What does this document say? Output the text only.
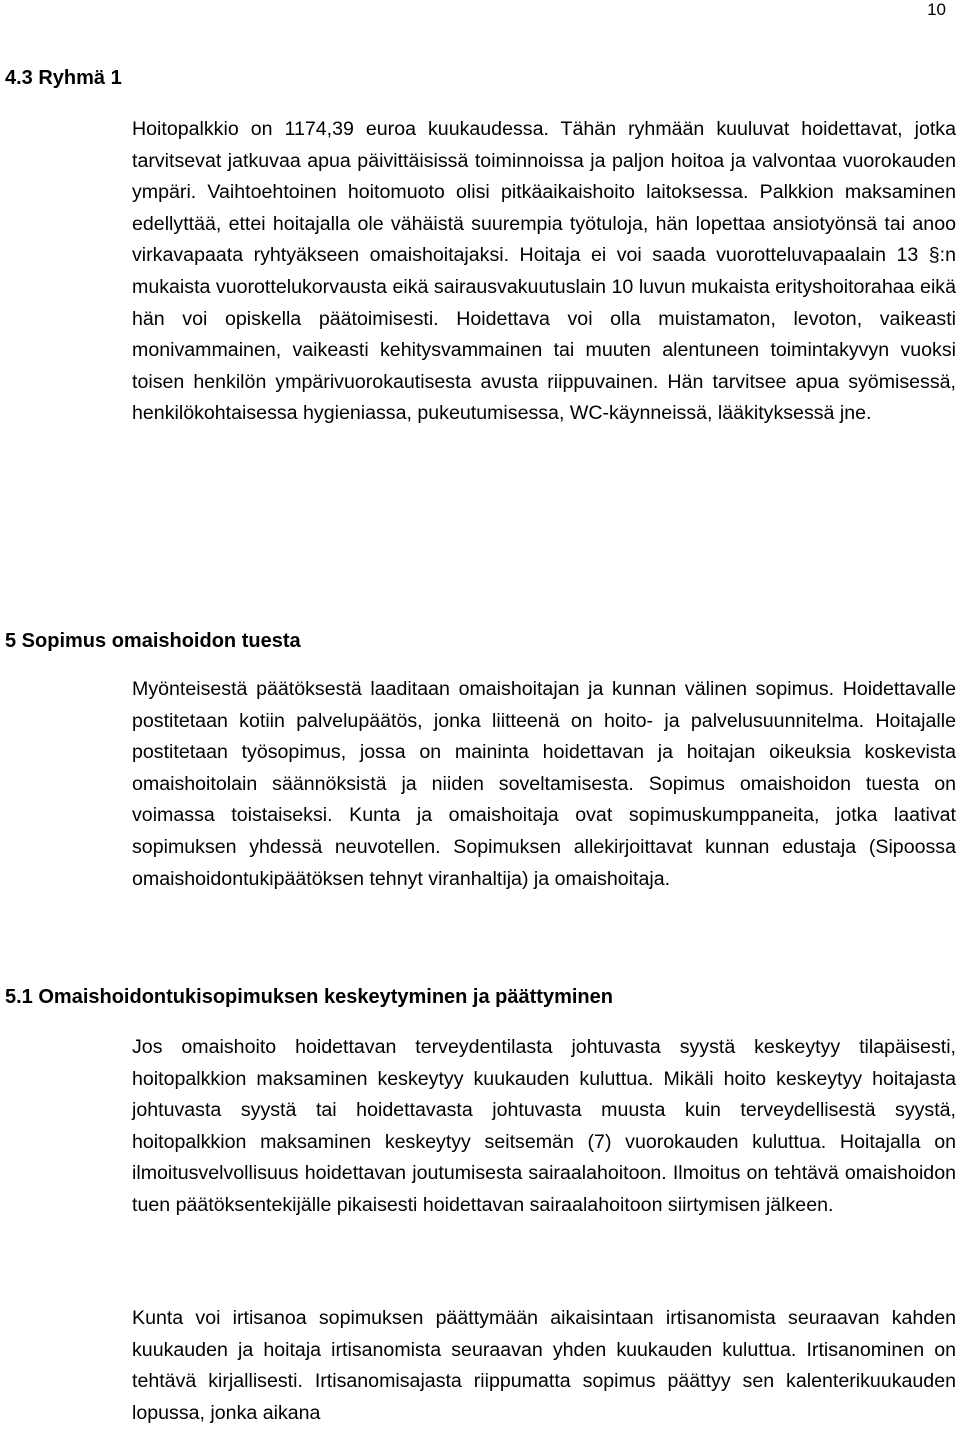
10
4.3 Ryhmä 1

Hoitopalkkio on 1174,39 euroa kuukaudessa. Tähän ryhmään kuuluvat hoidettavat, jotka tarvitsevat jatkuvaa apua päivittäisissä toiminnoissa ja paljon hoitoa ja valvontaa vuorokauden ympäri. Vaihtoehtoinen hoitomuoto olisi pitkäaikaishoito laitoksessa. Palkkion maksaminen edellyttää, ettei hoitajalla ole vähäistä suurempia työtuloja, hän lopettaa ansiotyönsä tai anoo virkavapaata ryhtyäkseen omaishoitajaksi. Hoitaja ei voi saada vuorotteluvapaalain 13 §:n mukaista vuorottelukorvausta eikä sairausvakuutuslain 10 luvun mukaista erityshoitorahaa eikä hän voi opiskella päätoimisesti. Hoidettava voi olla muistamaton, levoton, vaikeasti monivammainen, vaikeasti kehitysvammainen tai muuten alentuneen toimintakyvyn vuoksi toisen henkilön ympärivuorokautisesta avusta riippuvainen. Hän tarvitsee apua syömisessä, henkilökohtaisessa hygieniassa, pukeutumisessa, WC-käynneissä, lääkityksessä jne.

5 Sopimus omaishoidon tuesta

Myönteisestä päätöksestä laaditaan omaishoitajan ja kunnan välinen sopimus. Hoidettavalle postitetaan kotiin palvelupäätös, jonka liitteenä on hoito- ja palvelusuunnitelma. Hoitajalle postitetaan työsopimus, jossa on maininta hoidettavan ja hoitajan oikeuksia koskevista omaishoitolain säännöksistä ja niiden soveltamisesta. Sopimus omaishoidon tuesta on voimassa toistaiseksi. Kunta ja omaishoitaja ovat sopimuskumppaneita, jotka laativat sopimuksen yhdessä neuvotellen. Sopimuksen allekirjoittavat kunnan edustaja (Sipoossa omaishoidontukipäätöksen tehnyt viranhaltija) ja omaishoitaja.

5.1 Omaishoidontukisopimuksen keskeytyminen ja päättyminen

Jos omaishoito hoidettavan terveydentilasta johtuvasta syystä keskeytyy tilapäisesti, hoitopalkkion maksaminen keskeytyy kuukauden kuluttua. Mikäli hoito keskeytyy hoitajasta johtuvasta syystä tai hoidettavasta johtuvasta muusta kuin terveydellisestä syystä, hoitopalkkion maksaminen keskeytyy seitsemän (7) vuorokauden kuluttua. Hoitajalla on ilmoitusvelvollisuus hoidettavan joutumisesta sairaalahoitoon. Ilmoitus on tehtävä omaishoidon tuen päätöksentekijälle pikaisesti hoidettavan sairaalahoitoon siirtymisen jälkeen.

Kunta voi irtisanoa sopimuksen päättymään aikaisintaan irtisanomista seuraavan kahden kuukauden ja hoitaja irtisanomista seuraavan yhden kuukauden kuluttua. Irtisanominen on tehtävä kirjallisesti. Irtisanomisajasta riippumatta sopimus päättyy sen kalenterikuukauden lopussa, jonka aikana
